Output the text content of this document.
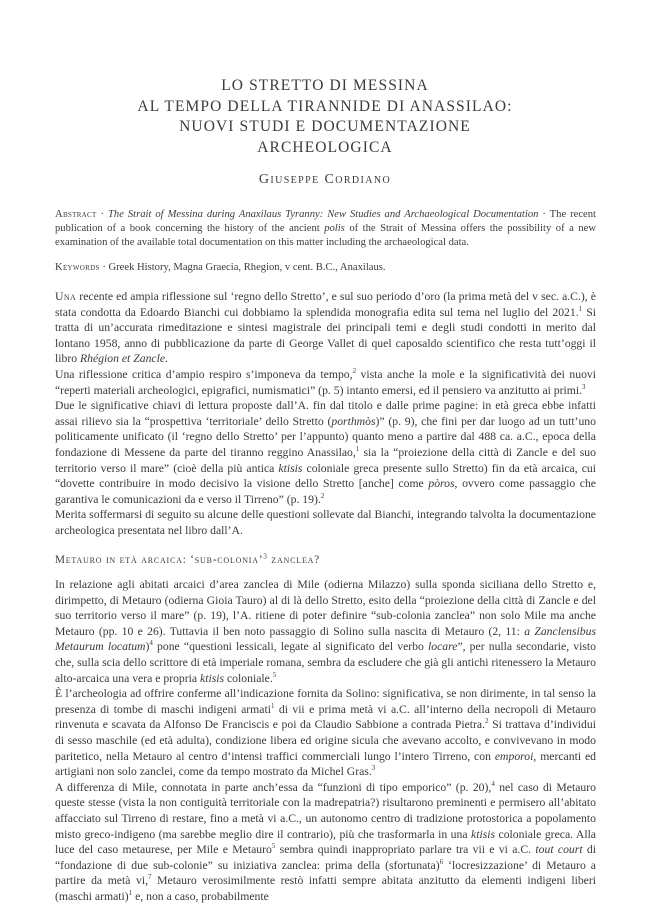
LO STRETTO DI MESSINA
AL TEMPO DELLA TIRANNIDE DI ANASSILAO:
NUOVI STUDI E DOCUMENTAZIONE
ARCHEOLOGICA
Giuseppe Cordiano
Abstract · The Strait of Messina during Anaxilaus Tyranny: New Studies and Archaeological Documentation · The recent publication of a book concerning the history of the ancient polis of the Strait of Messina offers the possibility of a new examination of the available total documentation on this matter including the archaeological data.
Keywords · Greek History, Magna Graecia, Rhegion, v cent. B.C., Anaxilaus.

Una recente ed ampia riflessione sul ‘regno dello Stretto’, e sul suo periodo d’oro (la prima metà del v sec. a.C.), è stata condotta da Edoardo Bianchi cui dobbiamo la splendida monografia edita sul tema nel luglio del 2021.$^1$ Si tratta di un’accurata rimeditazione e sintesi magistrale dei principali temi e degli studi condotti in merito dal lontano 1958, anno di pubblicazione da parte di George Vallet di quel caposaldo scientifico che resta tutt’oggi il libro Rhégion et Zancle.

Una riflessione critica d’ampio respiro s’imponeva da tempo,$^2$ vista anche la mole e la significatività dei nuovi “reperti materiali archeologici, epigrafici, numismatici” (p. 5) intanto emersi, ed il pensiero va anzitutto ai primi.$^3$

Due le significative chiavi di lettura proposte dall’A. fin dal titolo e dalle prime pagine: in età greca ebbe infatti assai rilievo sia la “prospettiva ‘territoriale’ dello Stretto (porthmòs)” (p. 9), che fini per dar luogo ad un tutt’uno politicamente unificato (il ‘regno dello Stretto’ per l’appunto) quanto meno a partire dal 488 ca. a.C., epoca della fondazione di Messene da parte del tiranno reggino Anassilao,$^1$ sia la “proiezione della città di Zancle e del suo territorio verso il mare” (cioè della più antica ktisis coloniale greca presente sullo Stretto) fin da età arcaica, cui “dovette contribuire in modo decisivo la visione dello Stretto [anche] come pòros, ovvero come passaggio che garantiva le comunicazioni da e verso il Tirreno” (p. 19).$^2$

Merita soffermarsi di seguito su alcune delle questioni sollevate dal Bianchi, integrando talvolta la documentazione archeologica presentata nel libro dall’A.

Metauro in età arcaica: ‘sub-colonia’$^3$ zanclea?

In relazione agli abitati arcaici d’area zanclea di Mile (odierna Milazzo) sulla sponda siciliana dello Stretto e, dirimpetto, di Metauro (odierna Gioia Tauro) al di là dello Stretto, esito della “proiezione della città di Zancle e del suo territorio verso il mare” (p. 19), l’A. ritiene di poter definire “sub-colonia zanclea” non solo Mile ma anche Metauro (pp. 10 e 26). Tuttavia il ben noto passaggio di Solino sulla nascita di Metauro (2, 11: a Zanclensibus Metaurum locatum)$^4$ pone “questioni lessicali, legate al significato del verbo locare”, per nulla secondarie, visto che, sulla scia dello scrittore di età imperiale romana, sembra da escludere che già gli antichi ritenessero la Metauro alto-arcaica una vera e propria ktisis coloniale.$^5$

È l’archeologia ad offrire conferme all’indicazione fornita da Solino: significativa, se non dirimente, in tal senso la presenza di tombe di maschi indigeni armati$^1$ di vii e prima metà vi a.C. all’interno della necropoli di Metauro rinvenuta e scavata da Alfonso De Franciscis e poi da Claudio Sabbione a contrada Pietra.$^2$ Si trattava d’individui di sesso maschile (ed età adulta), condizione libera ed origine sicula che avevano accolto, e convivevano in modo paritetico, nella Metauro al centro d’intensi traffici commerciali lungo l’intero Tirreno, con emporoi, mercanti ed artigiani non solo zanclei, come da tempo mostrato da Michel Gras.$^3$

A differenza di Mile, connotata in parte anch’essa da “funzioni di tipo emporico” (p. 20),$^4$ nel caso di Metauro queste stesse (vista la non contiguità territoriale con la madrepatria?) risultarono preminenti e permisero all’abitato affacciato sul Tirreno di restare, fino a metà vi a.C., un autonomo centro di tradizione protostorica a popolamento misto greco-indigeno (ma sarebbe meglio dire il contrario), più che trasformarla in una ktisis coloniale greca. Alla luce del caso metaurese, per Mile e Metauro$^5$ sembra quindi inappropriato parlare tra vii e vi a.C. tout court di “fondazione di due sub-colonie” su iniziativa zanclea: prima della (sfortunata)$^6$ ‘locresizzazione’ di Metauro a partire da metà vi,$^7$ Metauro verosimilmente restò infatti sempre abitata anzitutto da elementi indigeni liberi (maschi armati)$^1$ e, non a caso, probabilmente
